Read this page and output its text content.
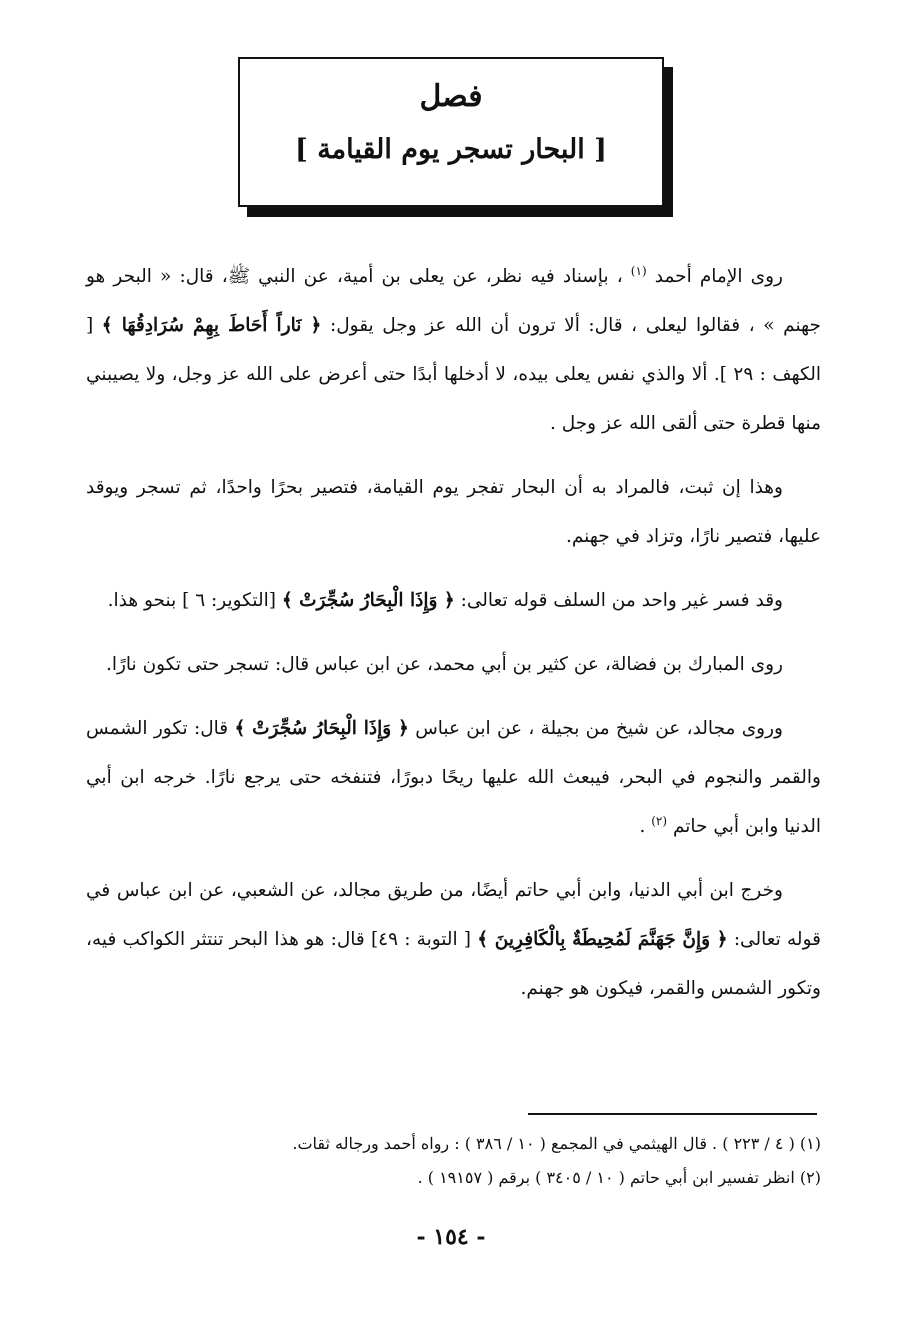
فصل
[ البحار تسجر يوم القيامة ]

روى الإمام أحمد $^{(١)}$ ، بإسناد فيه نظر، عن يعلى بن أمية، عن النبي ﷺ، قال: « البحر هو جهنم » ، فقالوا ليعلى ، قال: ألا ترون أن الله عز وجل يقول: ﴿ نَاراً أَحَاطَ بِهِمْ سُرَادِقُهَا ﴾ [ الكهف : ٢٩ ]. ألا والذي نفس يعلى بيده، لا أدخلها أبدًا حتى أعرض على الله عز وجل، ولا يصيبني منها قطرة حتى ألقى الله عز وجل .

وهذا إن ثبت، فالمراد به أن البحار تفجر يوم القيامة، فتصير بحرًا واحدًا، ثم تسجر ويوقد عليها، فتصير نارًا، وتزاد في جهنم.

وقد فسر غير واحد من السلف قوله تعالى: ﴿ وَإِذَا الْبِحَارُ سُجِّرَتْ ﴾ [التكوير: ٦ ] بنحو هذا.

روى المبارك بن فضالة، عن كثير بن أبي محمد، عن ابن عباس قال: تسجر حتى تكون نارًا.

وروى مجالد، عن شيخ من بجيلة ، عن ابن عباس ﴿ وَإِذَا الْبِحَارُ سُجِّرَتْ ﴾ قال: تكور الشمس والقمر والنجوم في البحر، فيبعث الله عليها ريحًا دبورًا، فتنفخه حتى يرجع نارًا. خرجه ابن أبي الدنيا وابن أبي حاتم $^{(٢)}$ .

وخرج ابن أبي الدنيا، وابن أبي حاتم أيضًا، من طريق مجالد، عن الشعبي، عن ابن عباس في قوله تعالى: ﴿ وَإِنَّ جَهَنَّمَ لَمُحِيطَةٌ بِالْكَافِرِينَ ﴾ [ التوبة : ٤٩] قال: هو هذا البحر تنتثر الكواكب فيه، وتكور الشمس والقمر، فيكون هو جهنم.

(١) ( ٤ / ٢٢٣ ) . قال الهيثمي في المجمع ( ١٠ / ٣٨٦ ) : رواه أحمد ورجاله ثقات.
(٢) انظر تفسير ابن أبي حاتم ( ١٠ / ٣٤٠٥ ) برقم ( ١٩١٥٧ ) .
- ١٥٤ -
